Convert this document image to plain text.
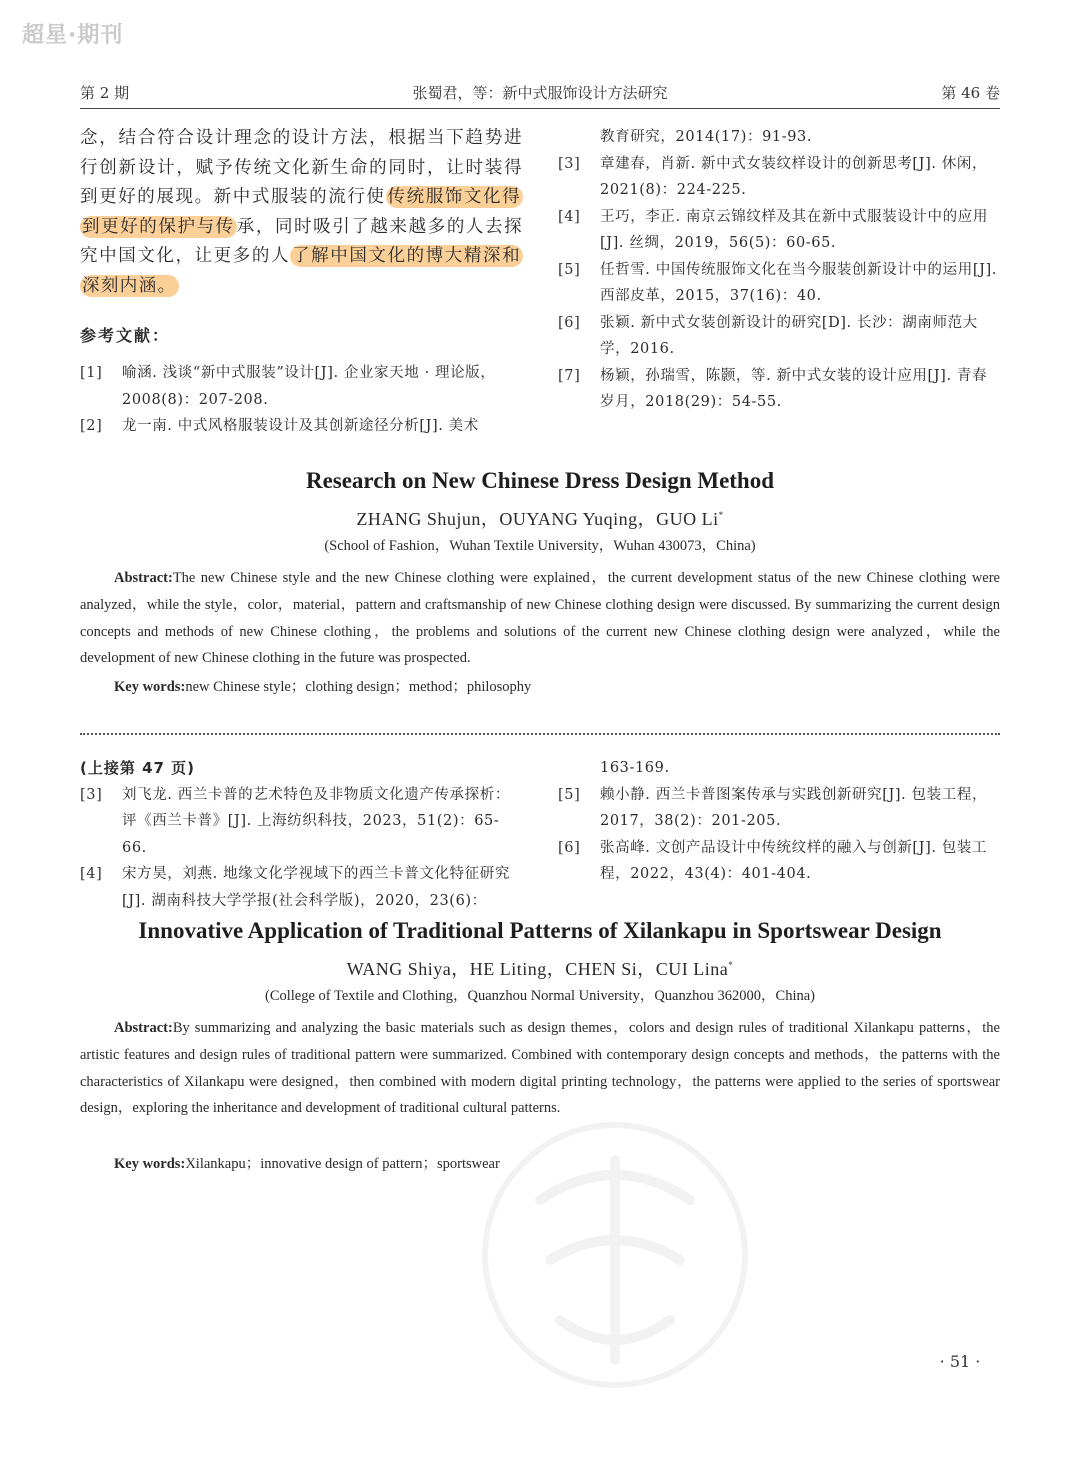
超星·期刊
第 2 期	张蜀君，等：新中式服饰设计方法研究	第 46 卷
念，结合符合设计理念的设计方法，根据当下趋势进行创新设计，赋予传统文化新生命的同时，让时装得到更好的展现。新中式服装的流行使 传统服饰文化得到更好的保护与传 承，同时吸引了越来越多的人去探究中国文化，让更多的人 了解中国文化的博大精深和深刻内涵。
参考文献：
[1] 喻涵. 浅谈“新中式服装”设计[J]. 企业家天地 · 理论版，2008(8)：207-208.
[2] 龙一南. 中式风格服装设计及其创新途径分析[J]. 美术
教育研究，2014(17)：91-93.
[3] 章建春，肖新. 新中式女装纹样设计的创新思考[J]. 休闲，2021(8)：224-225.
[4] 王巧，李正. 南京云锦纹样及其在新中式服装设计中的应用[J]. 丝绸，2019，56(5)：60-65.
[5] 任哲雪. 中国传统服饰文化在当今服装创新设计中的运用[J]. 西部皮革，2015，37(16)：40.
[6] 张颖. 新中式女装创新设计的研究[D]. 长沙：湖南师范大学，2016.
[7] 杨颖，孙瑞雪，陈颢，等. 新中式女装的设计应用[J]. 青春岁月，2018(29)：54-55.
Research on New Chinese Dress Design Method
ZHANG Shujun，OUYANG Yuqing，GUO Li*
(School of Fashion，Wuhan Textile University，Wuhan 430073，China)
Abstract:The new Chinese style and the new Chinese clothing were explained，the current development status of the new Chinese clothing were analyzed，while the style，color，material，pattern and craftsmanship of new Chinese clothing design were discussed. By summarizing the current design concepts and methods of new Chinese clothing，the problems and solutions of the current new Chinese clothing design were analyzed，while the development of new Chinese clothing in the future was prospected.
Key words:new Chinese style；clothing design；method；philosophy
(上接第 47 页)
[3] 刘飞龙. 西兰卡普的艺术特色及非物质文化遗产传承探析：评《西兰卡普》[J]. 上海纺织科技，2023，51(2)：65-66.
[4] 宋方昊，刘燕. 地缘文化学视域下的西兰卡普文化特征研究[J]. 湖南科技大学学报(社会科学版)，2020，23(6)：
163-169.
[5] 赖小静. 西兰卡普图案传承与实践创新研究[J]. 包装工程，2017，38(2)：201-205.
[6] 张高峰. 文创产品设计中传统纹样的融入与创新[J]. 包装工程，2022，43(4)：401-404.
Innovative Application of Traditional Patterns of Xilankapu in Sportswear Design
WANG Shiya，HE Liting，CHEN Si，CUI Lina*
(College of Textile and Clothing，Quanzhou Normal University，Quanzhou 362000，China)
Abstract:By summarizing and analyzing the basic materials such as design themes，colors and design rules of traditional Xilankapu patterns，the artistic features and design rules of traditional pattern were summarized. Combined with contemporary design concepts and methods，the patterns with the characteristics of Xilankapu were designed，then combined with modern digital printing technology，the patterns were applied to the series of sportswear design，exploring the inheritance and development of traditional cultural patterns.
Key words:Xilankapu；innovative design of pattern；sportswear
· 51 ·
